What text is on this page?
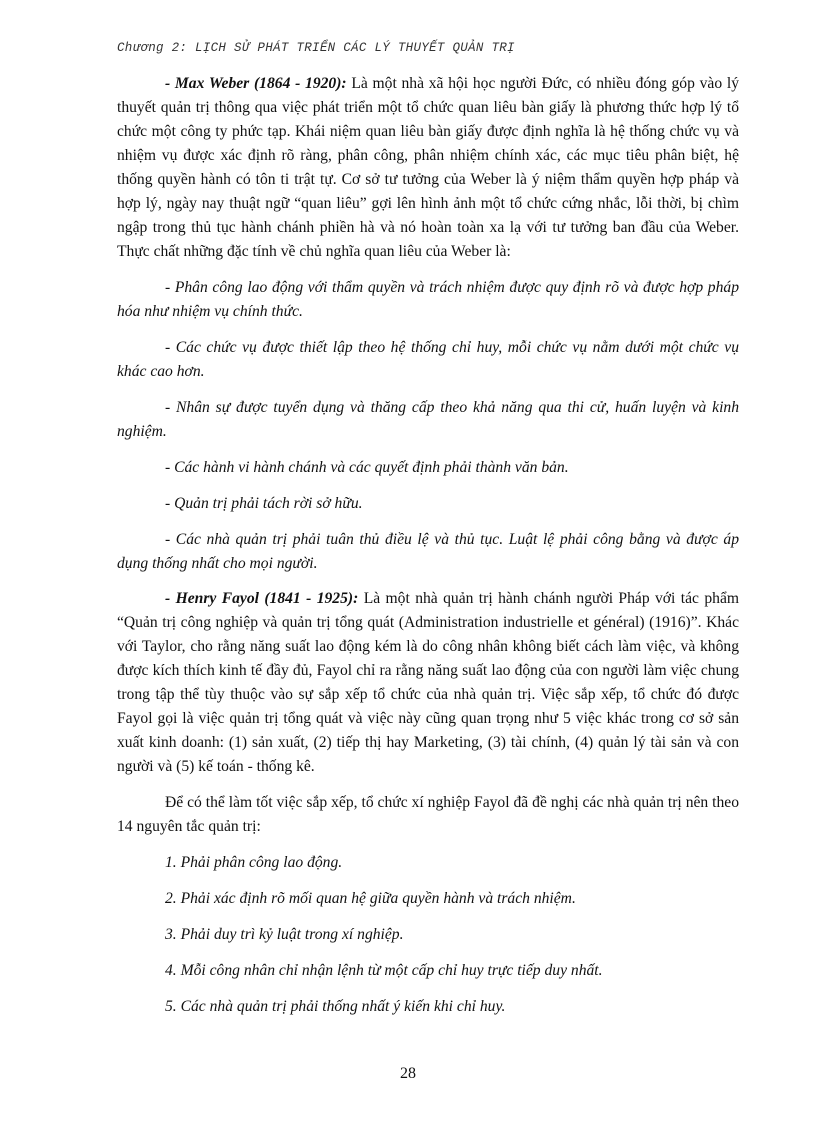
Chương 2: LỊCH SỬ PHÁT TRIỂN CÁC LÝ THUYẾT QUẢN TRỊ

- Max Weber (1864 - 1920): Là một nhà xã hội học người Đức, có nhiều đóng góp vào lý thuyết quản trị thông qua việc phát triển một tổ chức quan liêu bàn giấy là phương thức hợp lý tổ chức một công ty phức tạp. Khái niệm quan liêu bàn giấy được định nghĩa là hệ thống chức vụ và nhiệm vụ được xác định rõ ràng, phân công, phân nhiệm chính xác, các mục tiêu phân biệt, hệ thống quyền hành có tôn ti trật tự. Cơ sở tư tưởng của Weber là ý niệm thẩm quyền hợp pháp và hợp lý, ngày nay thuật ngữ “quan liêu” gợi lên hình ảnh một tổ chức cứng nhắc, lỗi thời, bị chìm ngập trong thủ tục hành chánh phiền hà và nó hoàn toàn xa lạ với tư tưởng ban đầu của Weber. Thực chất những đặc tính về chủ nghĩa quan liêu của Weber là:

- Phân công lao động với thẩm quyền và trách nhiệm được quy định rõ và được hợp pháp hóa như nhiệm vụ chính thức.

- Các chức vụ được thiết lập theo hệ thống chỉ huy, mỗi chức vụ nằm dưới một chức vụ khác cao hơn.

- Nhân sự được tuyển dụng và thăng cấp theo khả năng qua thi cử, huấn luyện và kinh nghiệm.

- Các hành vi hành chánh và các quyết định phải thành văn bản.

- Quản trị phải tách rời sở hữu.

- Các nhà quản trị phải tuân thủ điều lệ và thủ tục. Luật lệ phải công bằng và được áp dụng thống nhất cho mọi người.

- Henry Fayol (1841 - 1925): Là một nhà quản trị hành chánh người Pháp với tác phẩm “Quản trị công nghiệp và quản trị tổng quát (Administration industrielle et général) (1916)”. Khác với Taylor, cho rằng năng suất lao động kém là do công nhân không biết cách làm việc, và không được kích thích kinh tế đầy đủ, Fayol chỉ ra rằng năng suất lao động của con người làm việc chung trong tập thể tùy thuộc vào sự sắp xếp tổ chức của nhà quản trị. Việc sắp xếp, tổ chức đó được Fayol gọi là việc quản trị tổng quát và việc này cũng quan trọng như 5 việc khác trong cơ sở sản xuất kinh doanh: (1) sản xuất, (2) tiếp thị hay Marketing, (3) tài chính, (4) quản lý tài sản và con người và (5) kế toán - thống kê.

Để có thể làm tốt việc sắp xếp, tổ chức xí nghiệp Fayol đã đề nghị các nhà quản trị nên theo 14 nguyên tắc quản trị:

1. Phải phân công lao động.

2. Phải xác định rõ mối quan hệ giữa quyền hành và trách nhiệm.

3. Phải duy trì kỷ luật trong xí nghiệp.

4. Mỗi công nhân chỉ nhận lệnh từ một cấp chỉ huy trực tiếp duy nhất.

5. Các nhà quản trị phải thống nhất ý kiến khi chỉ huy.

28
